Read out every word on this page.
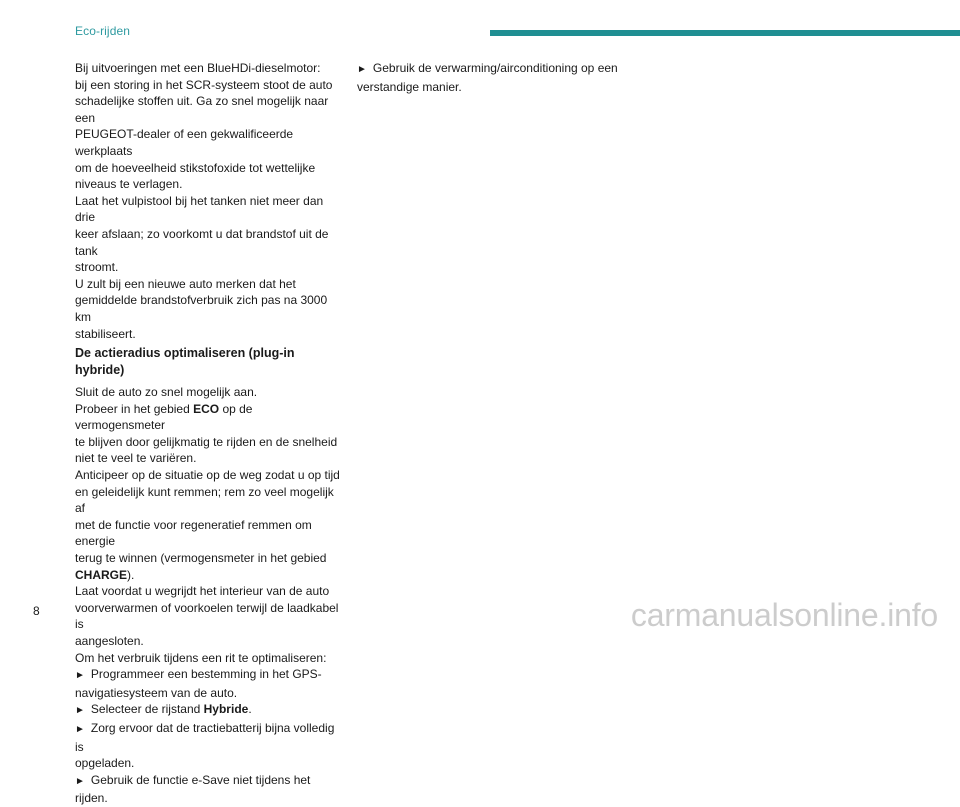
Eco-rijden

Bij uitvoeringen met een BlueHDi-dieselmotor:

bij een storing in het SCR-systeem stoot de auto

schadelijke stoffen uit. Ga zo snel mogelijk naar een

PEUGEOT-dealer of een gekwalificeerde werkplaats

om de hoeveelheid stikstofoxide tot wettelijke

niveaus te verlagen.

Laat het vulpistool bij het tanken niet meer dan drie

keer afslaan; zo voorkomt u dat brandstof uit de tank

stroomt.

U zult bij een nieuwe auto merken dat het

gemiddelde brandstofverbruik zich pas na 3000 km

stabiliseert.

De actieradius optimaliseren (plug-in hybride)

Sluit de auto zo snel mogelijk aan.

Probeer in het gebied ECO op de vermogensmeter

te blijven door gelijkmatig te rijden en de snelheid

niet te veel te variëren.

Anticipeer op de situatie op de weg zodat u op tijd

en geleidelijk kunt remmen; rem zo veel mogelijk af

met de functie voor regeneratief remmen om energie

terug te winnen (vermogensmeter in het gebied

CHARGE).

Laat voordat u wegrijdt het interieur van de auto

voorverwarmen of voorkoelen terwijl de laadkabel is

aangesloten.

Om het verbruik tijdens een rit te optimaliseren:

► Programmeer een bestemming in het GPS-

navigatiesysteem van de auto.

► Selecteer de rijstand Hybride.

► Zorg ervoor dat de tractiebatterij bijna volledig is

opgeladen.

► Gebruik de functie e-Save niet tijdens het rijden.

► Gebruik de verwarming/airconditioning op een

verstandige manier.

8	carmanualsonline.info
